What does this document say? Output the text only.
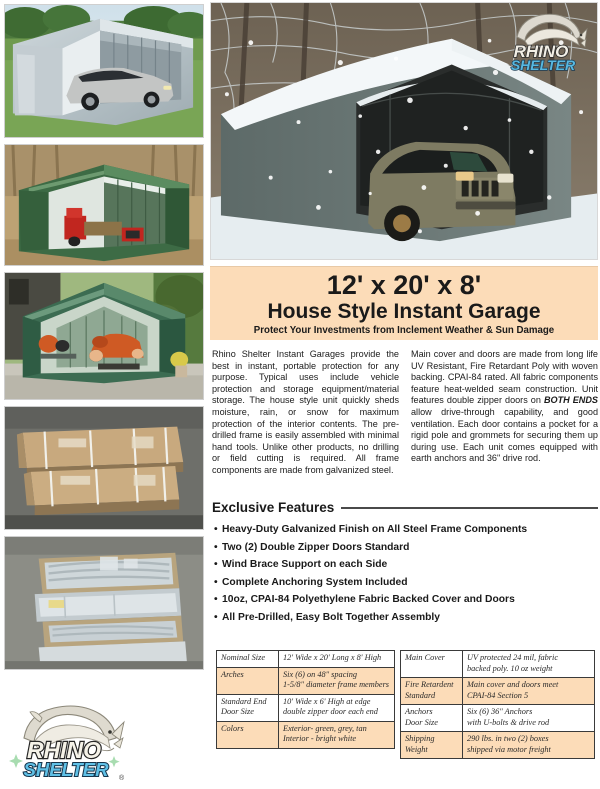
RHINO
SHELTER
12' x 20' x 8'
House Style Instant Garage
Protect Your Investments from Inclement Weather & Sun Damage
Rhino Shelter Instant Garages provide the best in instant, portable protection for any purpose. Typical uses include vehicle protection and storage equipment/material storage. The house style unit quickly sheds moisture, rain, or snow for maximum protection of the interior contents. The pre-drilled frame is easily assembled with minimal hand tools. Unlike other products, no drilling or field cutting is required. All frame components are made from galvanized steel.
Main cover and doors are made from long life UV Resistant, Fire Retardant Poly with woven backing. CPAI-84 rated. All fabric components feature heat-welded seam construction. Unit features double zipper doors on BOTH ENDS allow drive-through capability, and good ventilation. Each door contains a pocket for a rigid pole and grommets for securing them up during use. Each unit comes equipped with earth anchors and 36" drive rod.
Exclusive Features
• Heavy-Duty Galvanized Finish on All Steel Frame Components
• Two (2) Double Zipper Doors Standard
• Wind Brace Support on each Side
• Complete Anchoring System Included
• 10oz, CPAI-84 Polyethylene Fabric Backed Cover and Doors
• All Pre-Drilled, Easy Bolt Together Assembly
Nominal Size	12' Wide x 20' Long x 8' High

Arches	Six (6) on 48" spacing
1-5/8" diameter frame members

Standard End
Door Size	10' Wide x 6' High at edge
double zipper door each end

Colors	Exterior- green, grey, tan
Interior - bright white
Main Cover	UV protected 24 mil, fabric
backed poly. 10 oz weight

Fire Retardent
Standard	Main cover and doors meet
CPAI-84 Section 5

Anchors
Door Size	Six (6) 36" Anchors
with U-bolts & drive rod

Shipping
Weight	290 lbs. in two (2) boxes
shipped via motor freight
RHINO
SHELTER ®
